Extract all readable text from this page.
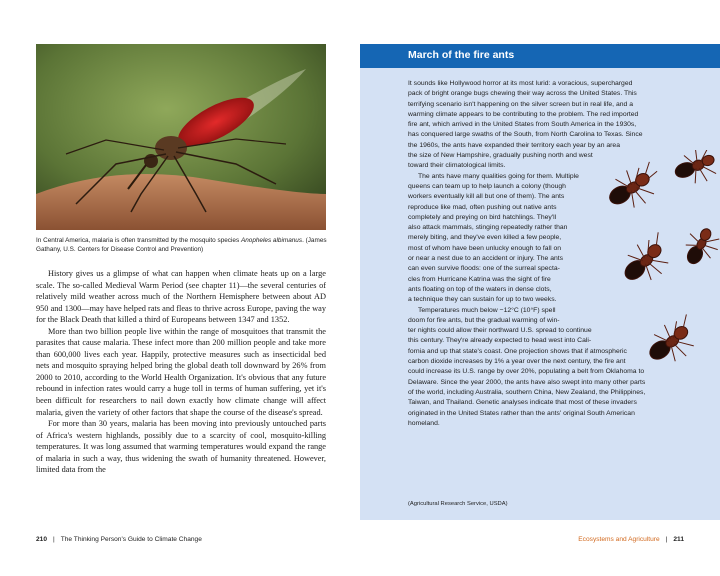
In Central America, malaria is often transmitted by the mosquito species Anopheles albimanus. (James Gathany, U.S. Centers for Disease Control and Prevention)

History gives us a glimpse of what can happen when climate heats up on a large scale. The so-called Medieval Warm Period (see chapter 11)—the several centuries of relatively mild weather across much of the Northern Hemisphere between about AD 950 and 1300—may have helped rats and fleas to thrive across Europe, paving the way for the Black Death that killed a third of Europeans between 1347 and 1352.

More than two billion people live within the range of mosquitoes that transmit the parasites that cause malaria. These infect more than 200 million people and take more than 600,000 lives each year. Happily, protective measures such as insecticidal bed nets and mosquito spraying helped bring the global death toll downward by 26% from 2000 to 2010, according to the World Health Organization. It's obvious that any future rebound in infection rates would carry a huge toll in terms of human suffering, yet it's been difficult for researchers to nail down exactly how climate change will affect malaria, given the variety of other factors that shape the course of the disease's spread.

For more than 30 years, malaria has been moving into previously untouched parts of Africa's western highlands, possibly due to a scarcity of cool, mosquito-killing temperatures. It was long assumed that warming temperatures would expand the range of malaria in such a way, thus widening the swath of humanity threatened. However, limited data from the

210 | The Thinking Person's Guide to Climate Change
March of the fire ants

It sounds like Hollywood horror at its most lurid: a voracious, supercharged
pack of bright orange bugs chewing their way across the United States. This
terrifying scenario isn't happening on the silver screen but in real life, and a
warming climate appears to be contributing to the problem. The red imported
fire ant, which arrived in the United States from South America in the 1930s,
has conquered large swaths of the South, from North Carolina to Texas. Since
the 1960s, the ants have expanded their territory each year by an area
the size of New Hampshire, gradually pushing north and west
toward their climatological limits.

The ants have many qualities going for them. Multiple
queens can team up to help launch a colony (though
workers eventually kill all but one of them). The ants
reproduce like mad, often pushing out native ants
completely and preying on bird hatchlings. They'll
also attack mammals, stinging repeatedly rather than
merely biting, and they've even killed a few people,
most of whom have been unlucky enough to fall on
or near a nest due to an accident or injury. The ants
can even survive floods: one of the surreal specta-
cles from Hurricane Katrina was the sight of fire
ants floating on top of the waters in dense clots,
a technique they can sustain for up to two weeks.

Temperatures much below −12°C (10°F) spell
doom for fire ants, but the gradual warming of win-
ter nights could allow their northward U.S. spread to continue
this century. They're already expected to head west into Cali-
fornia and up that state's coast. One projection shows that if atmospheric
carbon dioxide increases by 1% a year over the next century, the fire ant
could increase its U.S. range by over 20%, populating a belt from Oklahoma to
Delaware. Since the year 2000, the ants have also swept into many other parts
of the world, including Australia, southern China, New Zealand, the Philippines,
Taiwan, and Thailand. Genetic analyses indicate that most of these invaders
originated in the United States rather than the ants' original South American
homeland.

(Agricultural Research Service, USDA)
Ecosystems and Agriculture | 211
